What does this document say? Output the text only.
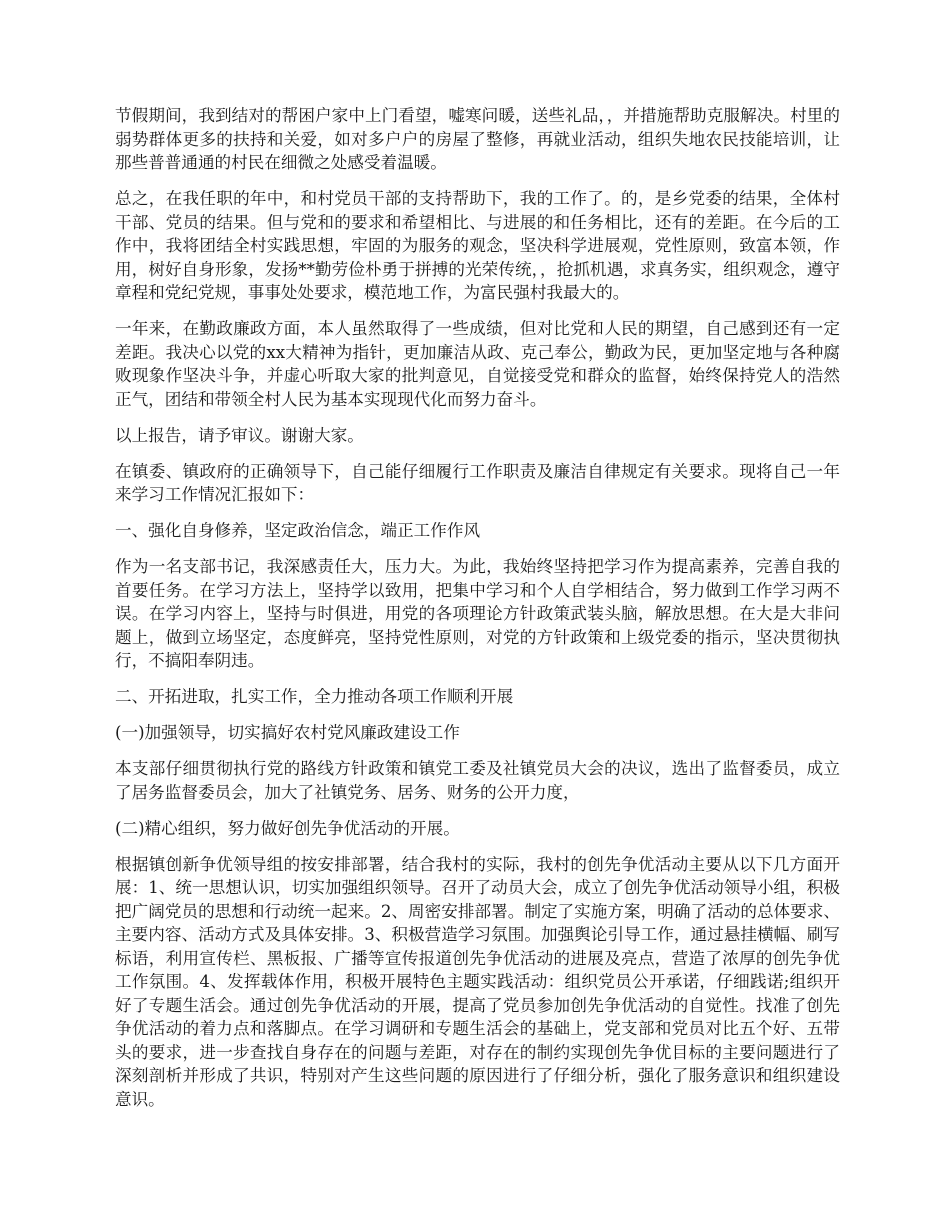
节假期间，我到结对的帮困户家中上门看望，嘘寒问暖，送些礼品，，并措施帮助克服解决。村里的弱势群体更多的扶持和关爱，如对多户户的房屋了整修，再就业活动，组织失地农民技能培训，让那些普普通通的村民在细微之处感受着温暖。

总之，在我任职的年中，和村党员干部的支持帮助下，我的工作了。的，是乡党委的结果，全体村干部、党员的结果。但与党和的要求和希望相比、与进展的和任务相比，还有的差距。在今后的工作中，我将团结全村实践思想，牢固的为服务的观念，坚决科学进展观，党性原则，致富本领，作用，树好自身形象，发扬**勤劳俭朴勇于拼搏的光荣传统，，抢抓机遇，求真务实，组织观念，遵守章程和党纪党规，事事处处要求，模范地工作，为富民强村我最大的。

一年来，在勤政廉政方面，本人虽然取得了一些成绩，但对比党和人民的期望，自己感到还有一定差距。我决心以党的xx大精神为指针，更加廉洁从政、克己奉公，勤政为民，更加坚定地与各种腐败现象作坚决斗争，并虚心听取大家的批判意见，自觉接受党和群众的监督，始终保持党人的浩然正气，团结和带领全村人民为基本实现现代化而努力奋斗。

以上报告，请予审议。谢谢大家。

在镇委、镇政府的正确领导下，自己能仔细履行工作职责及廉洁自律规定有关要求。现将自己一年来学习工作情况汇报如下：

一、强化自身修养，坚定政治信念，端正工作作风

作为一名支部书记，我深感责任大，压力大。为此，我始终坚持把学习作为提高素养，完善自我的首要任务。在学习方法上，坚持学以致用，把集中学习和个人自学相结合，努力做到工作学习两不误。在学习内容上，坚持与时俱进，用党的各项理论方针政策武装头脑，解放思想。在大是大非问题上，做到立场坚定，态度鲜亮，坚持党性原则，对党的方针政策和上级党委的指示，坚决贯彻执行，不搞阳奉阴违。

二、开拓进取，扎实工作，全力推动各项工作顺利开展

(一)加强领导，切实搞好农村党风廉政建设工作

本支部仔细贯彻执行党的路线方针政策和镇党工委及社镇党员大会的决议，选出了监督委员，成立了居务监督委员会，加大了社镇党务、居务、财务的公开力度，

(二)精心组织，努力做好创先争优活动的开展。

根据镇创新争优领导组的按安排部署，结合我村的实际，我村的创先争优活动主要从以下几方面开展：1、统一思想认识，切实加强组织领导。召开了动员大会，成立了创先争优活动领导小组，积极把广阔党员的思想和行动统一起来。2、周密安排部署。制定了实施方案，明确了活动的总体要求、主要内容、活动方式及具体安排。3、积极营造学习氛围。加强舆论引导工作，通过悬挂横幅、刷写标语，利用宣传栏、黑板报、广播等宣传报道创先争优活动的进展及亮点，营造了浓厚的创先争优工作氛围。4、发挥载体作用，积极开展特色主题实践活动：组织党员公开承诺，仔细践诺;组织开好了专题生活会。通过创先争优活动的开展，提高了党员参加创先争优活动的自觉性。找准了创先争优活动的着力点和落脚点。在学习调研和专题生活会的基础上，党支部和党员对比五个好、五带头的要求，进一步查找自身存在的问题与差距，对存在的制约实现创先争优目标的主要问题进行了深刻剖析并形成了共识，特别对产生这些问题的原因进行了仔细分析，强化了服务意识和组织建设意识。
